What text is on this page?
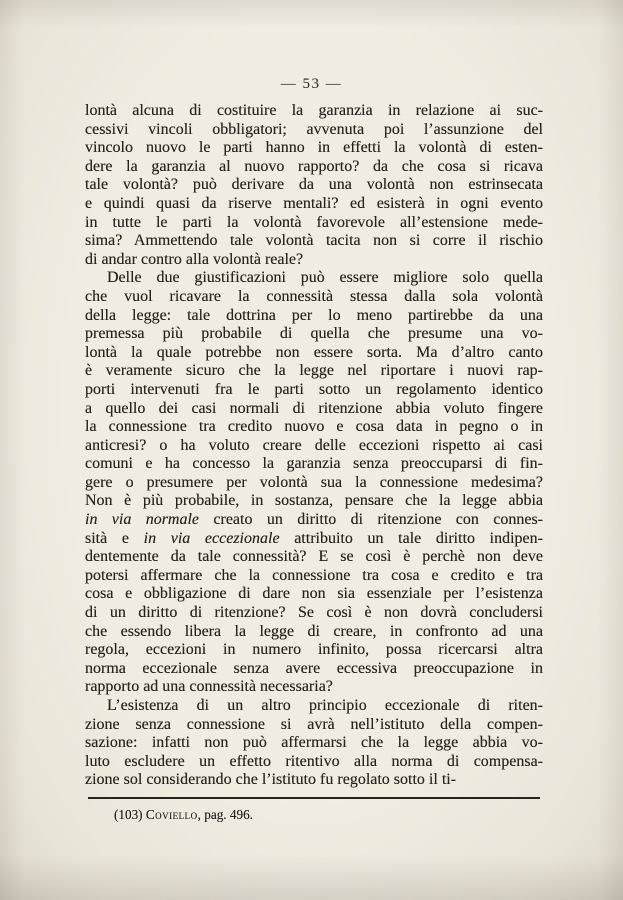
— 53 —
lontà alcuna di costituire la garanzia in relazione ai suc-
cessivi vincoli obbligatori; avvenuta poi l’assunzione del
vincolo nuovo le parti hanno in effetti la volontà di esten-
dere la garanzia al nuovo rapporto? da che cosa si ricava
tale volontà? può derivare da una volontà non estrinsecata
e quindi quasi da riserve mentali? ed esisterà in ogni evento
in tutte le parti la volontà favorevole all’estensione mede-
sima? Ammettendo tale volontà tacita non si corre il rischio
di andar contro alla volontà reale?
Delle due giustificazioni può essere migliore solo quella
che vuol ricavare la connessità stessa dalla sola volontà
della legge: tale dottrina per lo meno partirebbe da una
premessa più probabile di quella che presume una vo-
lontà la quale potrebbe non essere sorta. Ma d’altro canto
è veramente sicuro che la legge nel riportare i nuovi rap-
porti intervenuti fra le parti sotto un regolamento identico
a quello dei casi normali di ritenzione abbia voluto fingere
la connessione tra credito nuovo e cosa data in pegno o in
anticresi? o ha voluto creare delle eccezioni rispetto ai casi
comuni e ha concesso la garanzia senza preoccuparsi di fin-
gere o presumere per volontà sua la connessione medesima?
Non è più probabile, in sostanza, pensare che la legge abbia
in via normale creato un diritto di ritenzione con connes-
sità e in via eccezionale attribuito un tale diritto indipen-
dentemente da tale connessità? E se così è perchè non deve
potersi affermare che la connessione tra cosa e credito e tra
cosa e obbligazione di dare non sia essenziale per l’esistenza
di un diritto di ritenzione? Se così è non dovrà concludersi
che essendo libera la legge di creare, in confronto ad una
regola, eccezioni in numero infinito, possa ricercarsi altra
norma eccezionale senza avere eccessiva preoccupazione in
rapporto ad una connessità necessaria?
L’esistenza di un altro principio eccezionale di riten-
zione senza connessione si avrà nell’istituto della compen-
sazione: infatti non può affermarsi che la legge abbia vo-
luto escludere un effetto ritentivo alla norma di compensa-
zione sol considerando che l’istituto fu regolato sotto il ti-
(103) Coviello, pag. 496.
